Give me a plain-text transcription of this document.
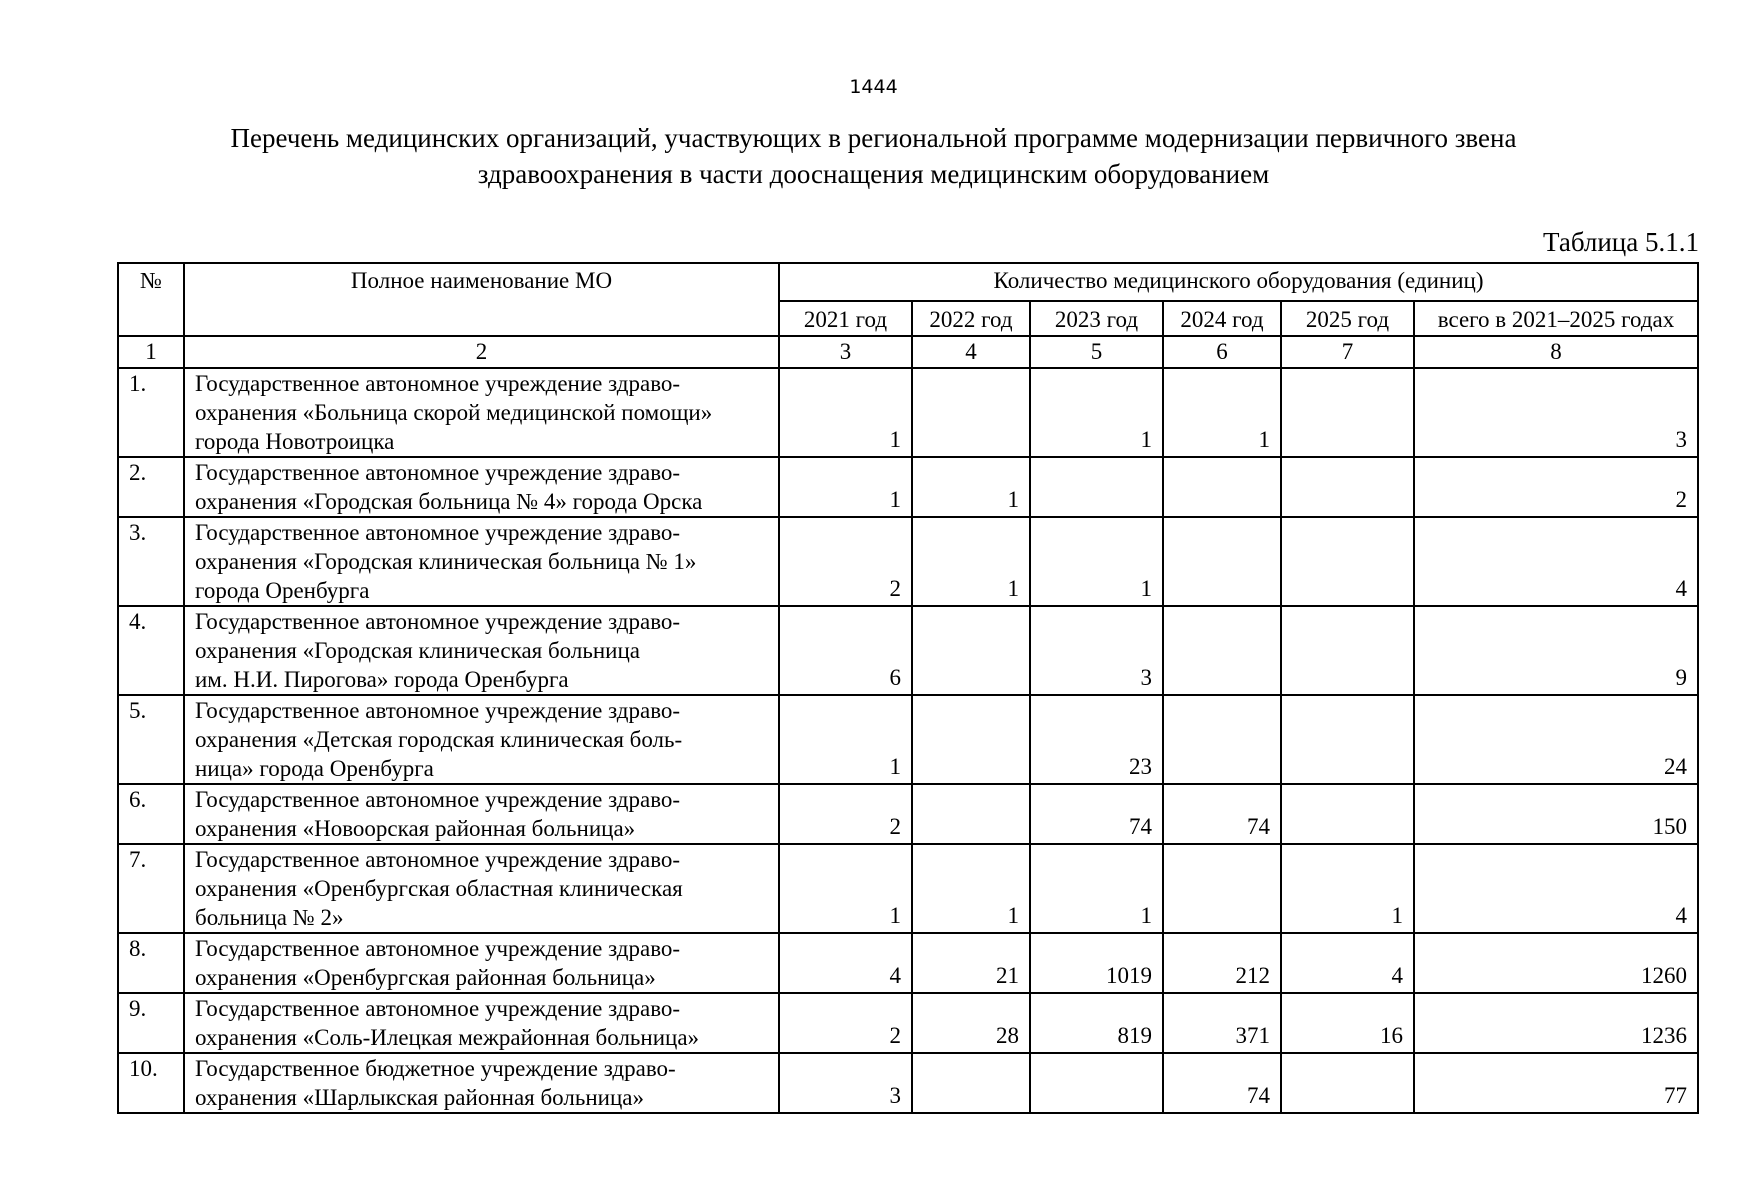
1444
Перечень медицинских организаций, участвующих в региональной программе модернизации первичного звена
здравоохранения в части дооснащения медицинским оборудованием
Таблица 5.1.1
№	Полное наименование МО	Количество медицинского оборудования (единиц)					
		2021 год	2022 год	2023 год	2024 год	2025 год	всего в 2021–2025 годах
1	2	3	4	5	6	7	8
1.	Государственное автономное учреждение здраво-
охранения «Больница скорой медицинской помощи»
города Новотроицка	1		1	1		3
2.	Государственное автономное учреждение здраво-
охранения «Городская больница № 4» города Орска	1	1				2
3.	Государственное автономное учреждение здраво-
охранения «Городская клиническая больница № 1»
города Оренбурга	2	1	1			4
4.	Государственное автономное учреждение здраво-
охранения «Городская клиническая больница
им. Н.И. Пирогова» города Оренбурга	6		3			9
5.	Государственное автономное учреждение здраво-
охранения «Детская городская клиническая боль-
ница» города Оренбурга	1		23			24
6.	Государственное автономное учреждение здраво-
охранения «Новоорская районная больница»	2		74	74		150
7.	Государственное автономное учреждение здраво-
охранения «Оренбургская областная клиническая
больница № 2»	1	1	1		1	4
8.	Государственное автономное учреждение здраво-
охранения «Оренбургская районная больница»	4	21	1019	212	4	1260
9.	Государственное автономное учреждение здраво-
охранения «Соль-Илецкая межрайонная больница»	2	28	819	371	16	1236
10.	Государственное бюджетное учреждение здраво-
охранения «Шарлыкская районная больница»	3			74		77
